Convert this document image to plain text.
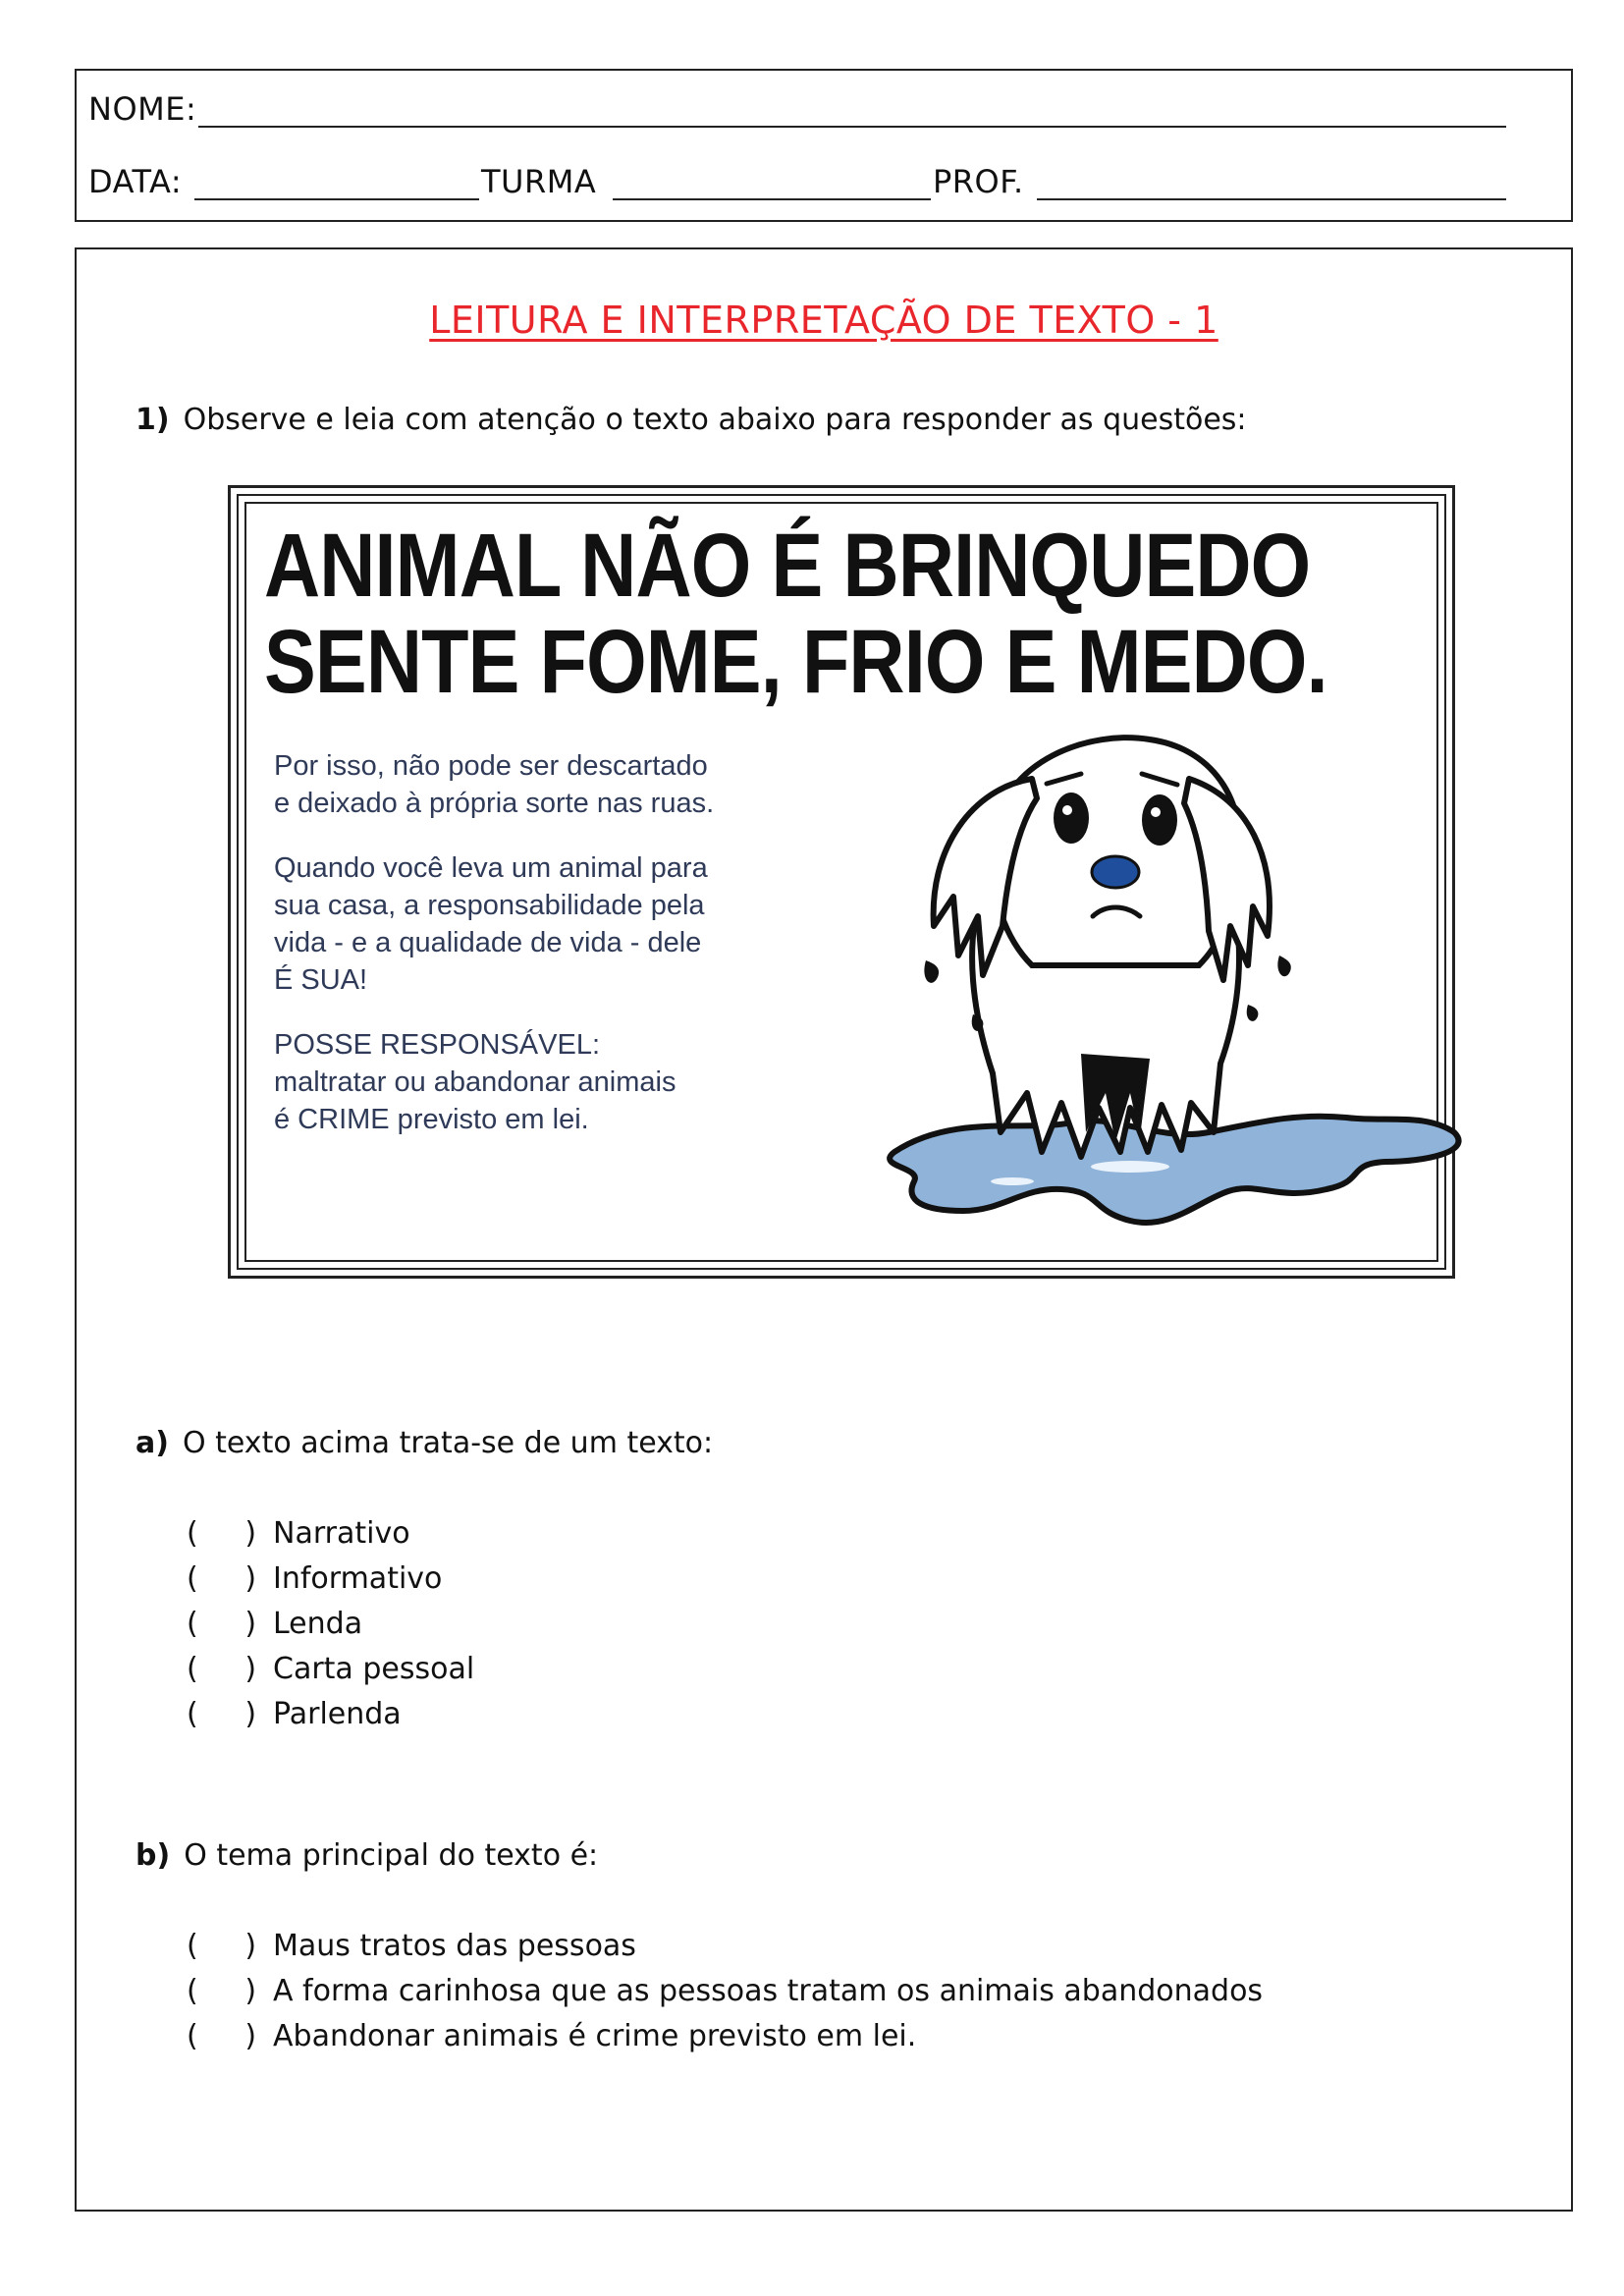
NOME:
DATA:	TURMA	PROF.
LEITURA E INTERPRETAÇÃO DE TEXTO - 1
1) Observe e leia com atenção o texto abaixo para responder as questões:
ANIMAL NÃO É BRINQUEDO
SENTE FOME, FRIO E MEDO.
Por isso, não pode ser descartado
e deixado à própria sorte nas ruas.
Quando você leva um animal para
sua casa, a responsabilidade pela
vida - e a qualidade de vida - dele
É SUA!
POSSE RESPONSÁVEL:
maltratar ou abandonar animais
é CRIME previsto em lei.
a) O texto acima trata-se de um texto:
(     ) Narrativo
(     ) Informativo
(     ) Lenda
(     ) Carta pessoal
(     ) Parlenda
b) O tema principal do texto é:
(     ) Maus tratos das pessoas
(     ) A forma carinhosa que as pessoas tratam os animais abandonados
(     ) Abandonar animais é crime previsto em lei.
